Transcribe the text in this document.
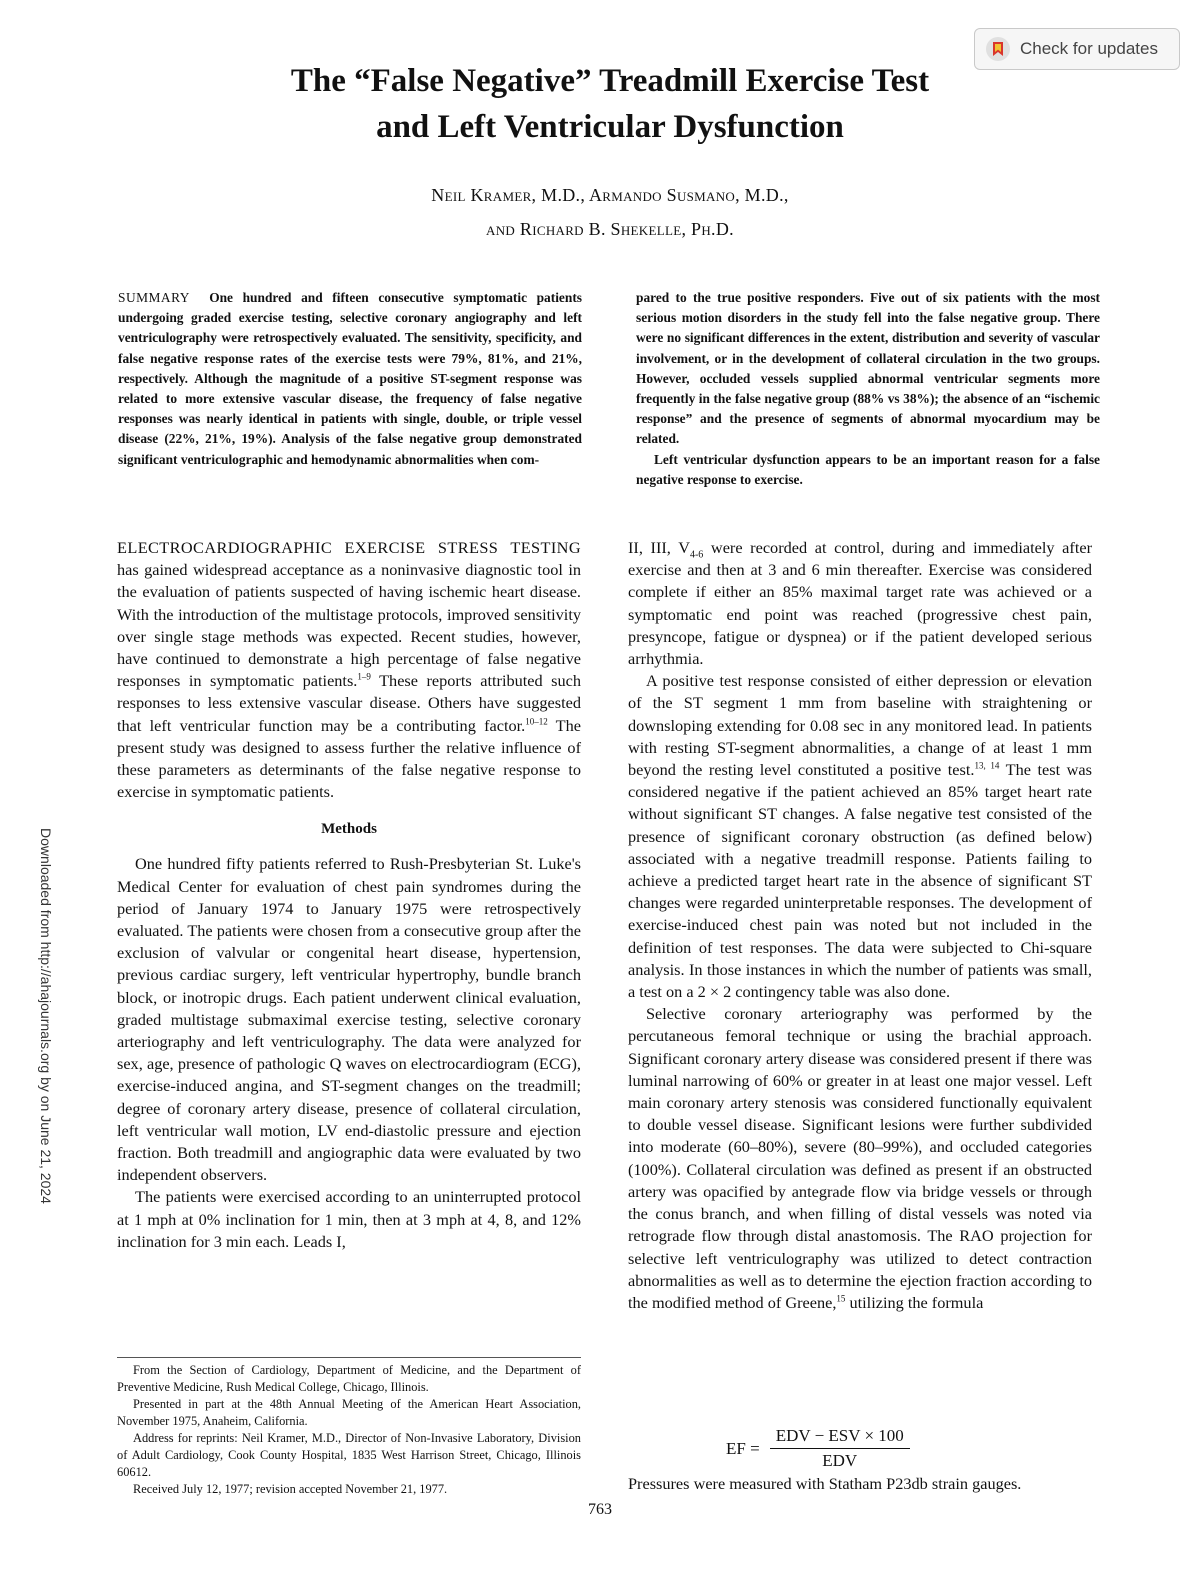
Check for updates
The “False Negative” Treadmill Exercise Test
and Left Ventricular Dysfunction
Neil Kramer, M.D., Armando Susmano, M.D.,
and Richard B. Shekelle, Ph.D.

SUMMARY One hundred and fifteen consecutive symptomatic patients undergoing graded exercise testing, selective coronary angiography and left ventriculography were retrospectively evaluated. The sensitivity, specificity, and false negative response rates of the exercise tests were 79%, 81%, and 21%, respectively. Although the magnitude of a positive ST-segment response was related to more extensive vascular disease, the frequency of false negative responses was nearly identical in patients with single, double, or triple vessel disease (22%, 21%, 19%). Analysis of the false negative group demonstrated significant ventriculographic and hemodynamic abnormalities when com-

pared to the true positive responders. Five out of six patients with the most serious motion disorders in the study fell into the false negative group. There were no significant differences in the extent, distribution and severity of vascular involvement, or in the development of collateral circulation in the two groups. However, occluded vessels supplied abnormal ventricular segments more frequently in the false negative group (88% vs 38%); the absence of an “ischemic response” and the presence of segments of abnormal myocardium may be related.

Left ventricular dysfunction appears to be an important reason for a false negative response to exercise.

ELECTROCARDIOGRAPHIC EXERCISE STRESS TESTING has gained widespread acceptance as a noninvasive diagnostic tool in the evaluation of patients suspected of having ischemic heart disease. With the introduction of the multistage protocols, improved sensitivity over single stage methods was expected. Recent studies, however, have continued to demonstrate a high percentage of false negative responses in symptomatic patients.$^{1-9}$ These reports attributed such responses to less extensive vascular disease. Others have suggested that left ventricular function may be a contributing factor.$^{10-12}$ The present study was designed to assess further the relative influence of these parameters as determinants of the false negative response to exercise in symptomatic patients.

Methods

One hundred fifty patients referred to Rush-Presbyterian St. Luke's Medical Center for evaluation of chest pain syndromes during the period of January 1974 to January 1975 were retrospectively evaluated. The patients were chosen from a consecutive group after the exclusion of valvular or congenital heart disease, hypertension, previous cardiac surgery, left ventricular hypertrophy, bundle branch block, or inotropic drugs. Each patient underwent clinical evaluation, graded multistage submaximal exercise testing, selective coronary arteriography and left ventriculography. The data were analyzed for sex, age, presence of pathologic Q waves on electrocardiogram (ECG), exercise-induced angina, and ST-segment changes on the treadmill; degree of coronary artery disease, presence of collateral circulation, left ventricular wall motion, LV end-diastolic pressure and ejection fraction. Both treadmill and angiographic data were evaluated by two independent observers.

The patients were exercised according to an uninterrupted protocol at 1 mph at 0% inclination for 1 min, then at 3 mph at 4, 8, and 12% inclination for 3 min each. Leads I,

II, III, $V_{4-6}$ were recorded at control, during and immediately after exercise and then at 3 and 6 min thereafter. Exercise was considered complete if either an 85% maximal target rate was achieved or a symptomatic end point was reached (progressive chest pain, presyncope, fatigue or dyspnea) or if the patient developed serious arrhythmia.

A positive test response consisted of either depression or elevation of the ST segment 1 mm from baseline with straightening or downsloping extending for 0.08 sec in any monitored lead. In patients with resting ST-segment abnormalities, a change of at least 1 mm beyond the resting level constituted a positive test.$^{13, 14}$ The test was considered negative if the patient achieved an 85% target heart rate without significant ST changes. A false negative test consisted of the presence of significant coronary obstruction (as defined below) associated with a negative treadmill response. Patients failing to achieve a predicted target heart rate in the absence of significant ST changes were regarded uninterpretable responses. The development of exercise-induced chest pain was noted but not included in the definition of test responses. The data were subjected to Chi-square analysis. In those instances in which the number of patients was small, a test on a 2 × 2 contingency table was also done.

Selective coronary arteriography was performed by the percutaneous femoral technique or using the brachial approach. Significant coronary artery disease was considered present if there was luminal narrowing of 60% or greater in at least one major vessel. Left main coronary artery stenosis was considered functionally equivalent to double vessel disease. Significant lesions were further subdivided into moderate (60–80%), severe (80–99%), and occluded categories (100%). Collateral circulation was defined as present if an obstructed artery was opacified by antegrade flow via bridge vessels or through the conus branch, and when filling of distal vessels was noted via retrograde flow through distal anastomosis. The RAO projection for selective left ventriculography was utilized to detect contraction abnormalities as well as to determine the ejection fraction according to the modified method of Greene,$^{15}$ utilizing the formula

EF = $\frac{\text{EDV − ESV × 100}}{\text{EDV}}$

Pressures were measured with Statham P23db strain gauges.

From the Section of Cardiology, Department of Medicine, and the Department of Preventive Medicine, Rush Medical College, Chicago, Illinois.

Presented in part at the 48th Annual Meeting of the American Heart Association, November 1975, Anaheim, California.

Address for reprints: Neil Kramer, M.D., Director of Non-Invasive Laboratory, Division of Adult Cardiology, Cook County Hospital, 1835 West Harrison Street, Chicago, Illinois 60612.

Received July 12, 1977; revision accepted November 21, 1977.

Downloaded from http://ahajournals.org by on June 21, 2024
763
